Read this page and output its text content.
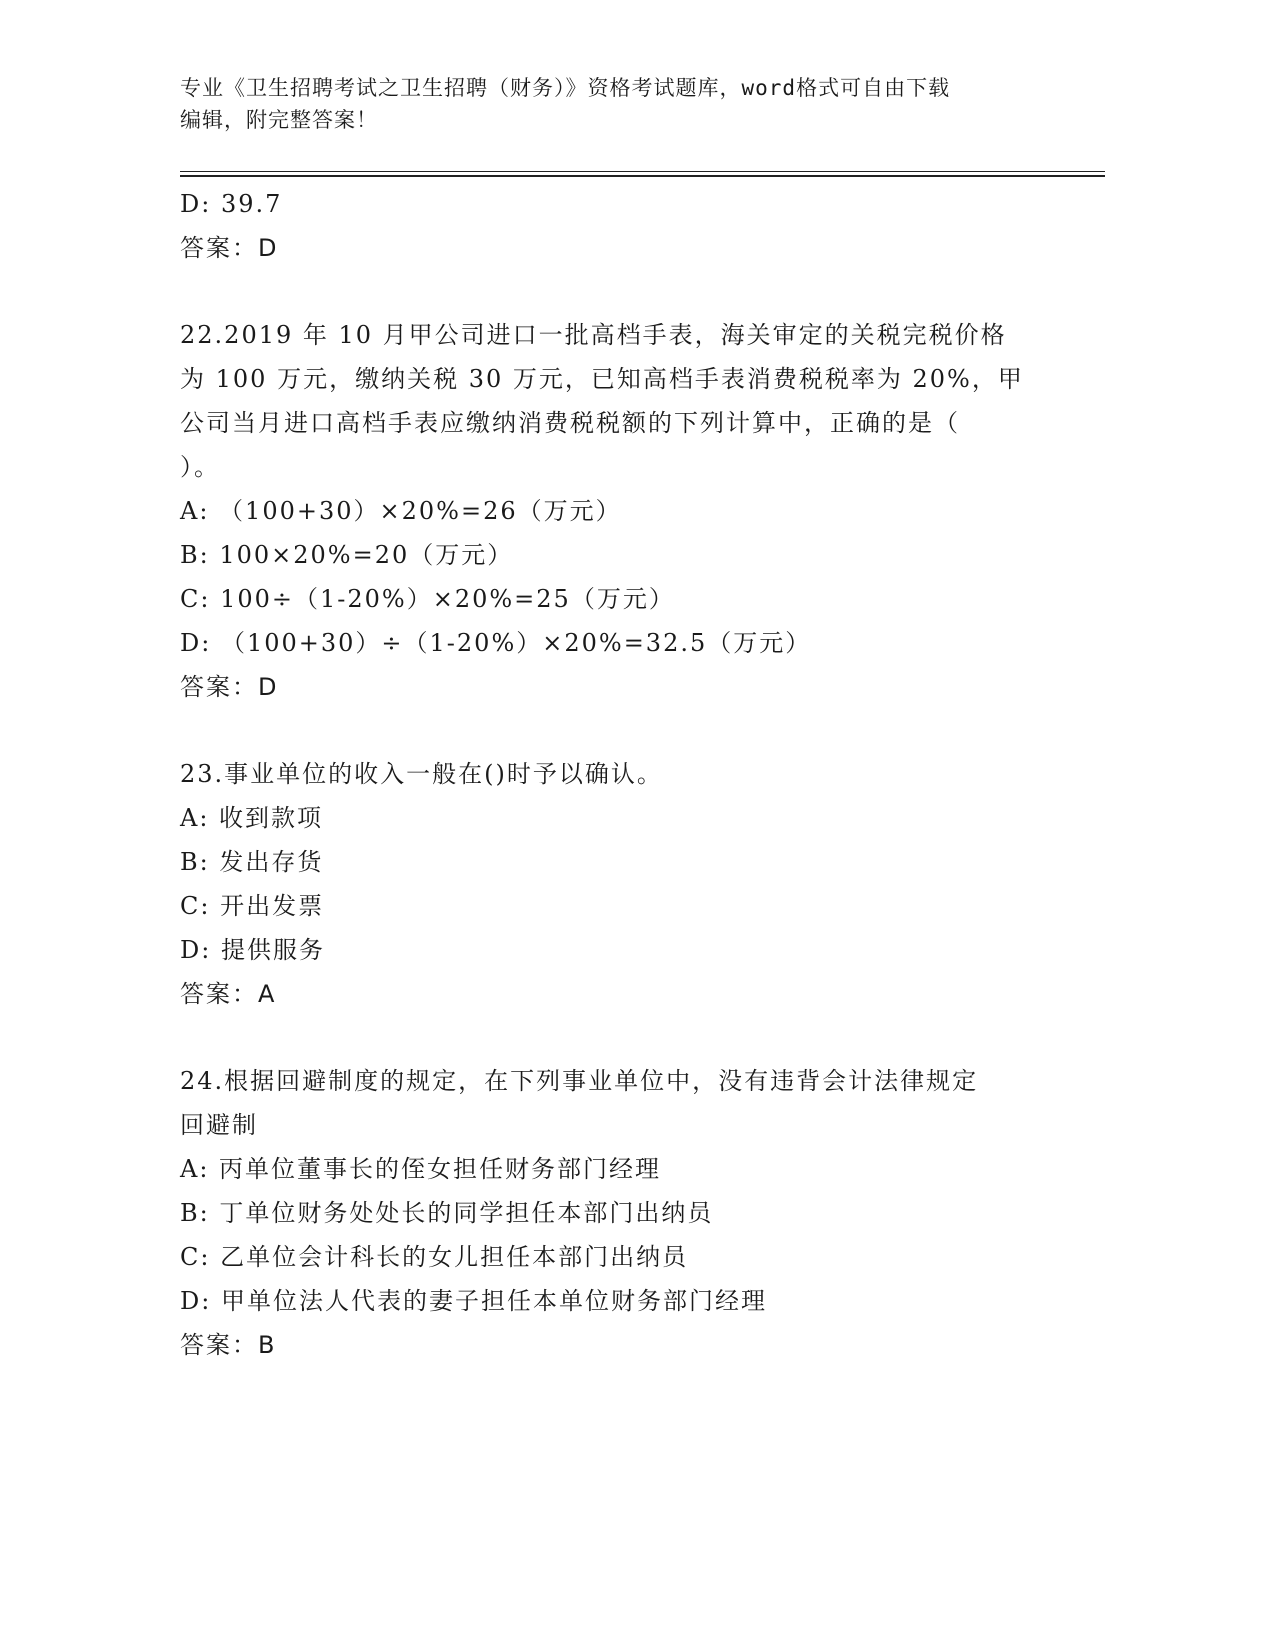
专业《卫生招聘考试之卫生招聘（财务）》资格考试题库，word格式可自由下载
编辑，附完整答案！
D: 39.7
答案：D
22.2019 年 10 月甲公司进口一批高档手表，海关审定的关税完税价格
为 100 万元，缴纳关税 30 万元，已知高档手表消费税税率为 20%，甲
公司当月进口高档手表应缴纳消费税税额的下列计算中，正确的是（
）。
A: （100+30）×20%=26（万元）
B: 100×20%=20（万元）
C: 100÷（1-20%）×20%=25（万元）
D: （100+30）÷（1-20%）×20%=32.5（万元）
答案：D
23.事业单位的收入一般在()时予以确认。
A: 收到款项
B: 发出存货
C: 开出发票
D: 提供服务
答案：A
24.根据回避制度的规定，在下列事业单位中，没有违背会计法律规定
回避制
A: 丙单位董事长的侄女担任财务部门经理
B: 丁单位财务处处长的同学担任本部门出纳员
C: 乙单位会计科长的女儿担任本部门出纳员
D: 甲单位法人代表的妻子担任本单位财务部门经理
答案：B
